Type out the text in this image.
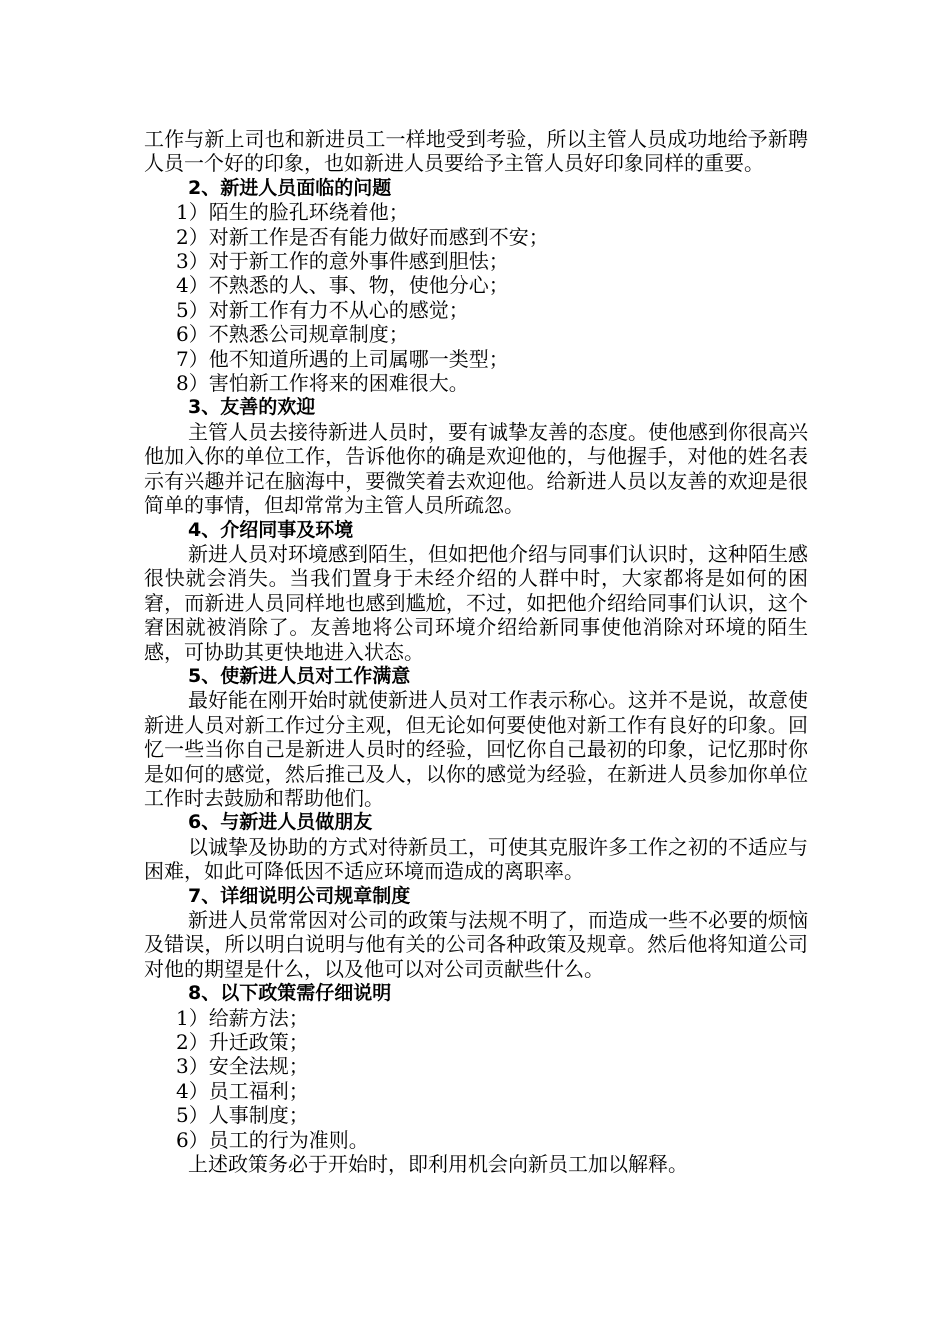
工作与新上司也和新进员工一样地受到考验，所以主管人员成功地给予新聘人员一个好的印象，也如新进人员要给予主管人员好印象同样的重要。

2、新进人员面临的问题

1）陌生的脸孔环绕着他；

2）对新工作是否有能力做好而感到不安；

3）对于新工作的意外事件感到胆怯；

4）不熟悉的人、事、物，使他分心；

5）对新工作有力不从心的感觉；

6）不熟悉公司规章制度；

7）他不知道所遇的上司属哪一类型；

8）害怕新工作将来的困难很大。

3、友善的欢迎

主管人员去接待新进人员时，要有诚挚友善的态度。使他感到你很高兴他加入你的单位工作，告诉他你的确是欢迎他的，与他握手，对他的姓名表示有兴趣并记在脑海中，要微笑着去欢迎他。给新进人员以友善的欢迎是很简单的事情，但却常常为主管人员所疏忽。

4、介绍同事及环境

新进人员对环境感到陌生，但如把他介绍与同事们认识时，这种陌生感很快就会消失。当我们置身于未经介绍的人群中时，大家都将是如何的困窘，而新进人员同样地也感到尴尬，不过，如把他介绍给同事们认识，这个窘困就被消除了。友善地将公司环境介绍给新同事使他消除对环境的陌生感，可协助其更快地进入状态。

5、使新进人员对工作满意

最好能在刚开始时就使新进人员对工作表示称心。这并不是说，故意使新进人员对新工作过分主观，但无论如何要使他对新工作有良好的印象。回忆一些当你自己是新进人员时的经验，回忆你自己最初的印象，记忆那时你是如何的感觉，然后推己及人，以你的感觉为经验，在新进人员参加你单位工作时去鼓励和帮助他们。

6、与新进人员做朋友

以诚挚及协助的方式对待新员工，可使其克服许多工作之初的不适应与困难，如此可降低因不适应环境而造成的离职率。

7、详细说明公司规章制度

新进人员常常因对公司的政策与法规不明了，而造成一些不必要的烦恼及错误，所以明白说明与他有关的公司各种政策及规章。然后他将知道公司对他的期望是什么，以及他可以对公司贡献些什么。

8、以下政策需仔细说明

1）给薪方法；

2）升迁政策；

3）安全法规；

4）员工福利；

5）人事制度；

6）员工的行为准则。

上述政策务必于开始时，即利用机会向新员工加以解释。
